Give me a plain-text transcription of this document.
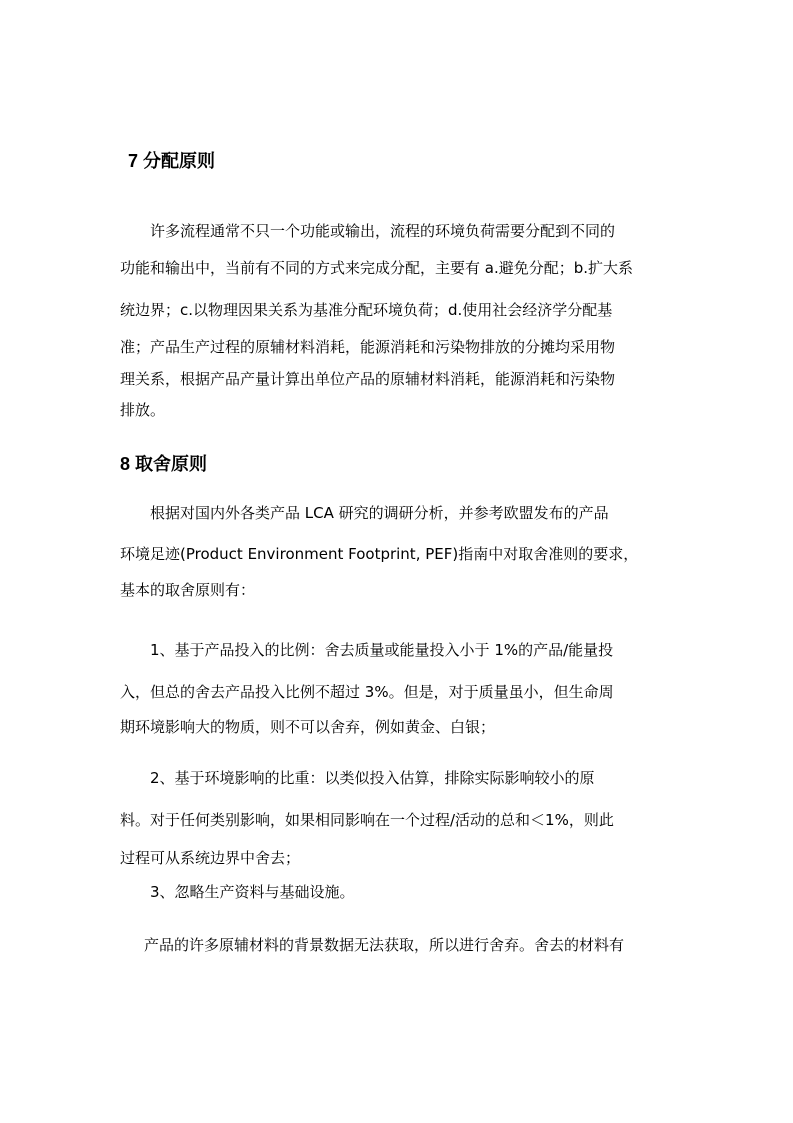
7 分配原则
许多流程通常不只一个功能或输出，流程的环境负荷需要分配到不同的
功能和输出中，当前有不同的方式来完成分配，主要有 a.避免分配；b.扩大系
统边界；c.以物理因果关系为基准分配环境负荷；d.使用社会经济学分配基
准；产品生产过程的原辅材料消耗，能源消耗和污染物排放的分摊均采用物
理关系，根据产品产量计算出单位产品的原辅材料消耗，能源消耗和污染物
排放。
8 取舍原则
根据对国内外各类产品 LCA 研究的调研分析，并参考欧盟发布的产品
环境足迹(Product Environment Footprint, PEF)指南中对取舍准则的要求，
基本的取舍原则有：
1、基于产品投入的比例：舍去质量或能量投入小于 1%的产品/能量投
入，但总的舍去产品投入比例不超过 3%。但是，对于质量虽小，但生命周
期环境影响大的物质，则不可以舍弃，例如黄金、白银；
2、基于环境影响的比重：以类似投入估算，排除实际影响较小的原
料。对于任何类别影响，如果相同影响在一个过程/活动的总和＜1%，则此
过程可从系统边界中舍去；
3、忽略生产资料与基础设施。
产品的许多原辅材料的背景数据无法获取，所以进行舍弃。舍去的材料有
